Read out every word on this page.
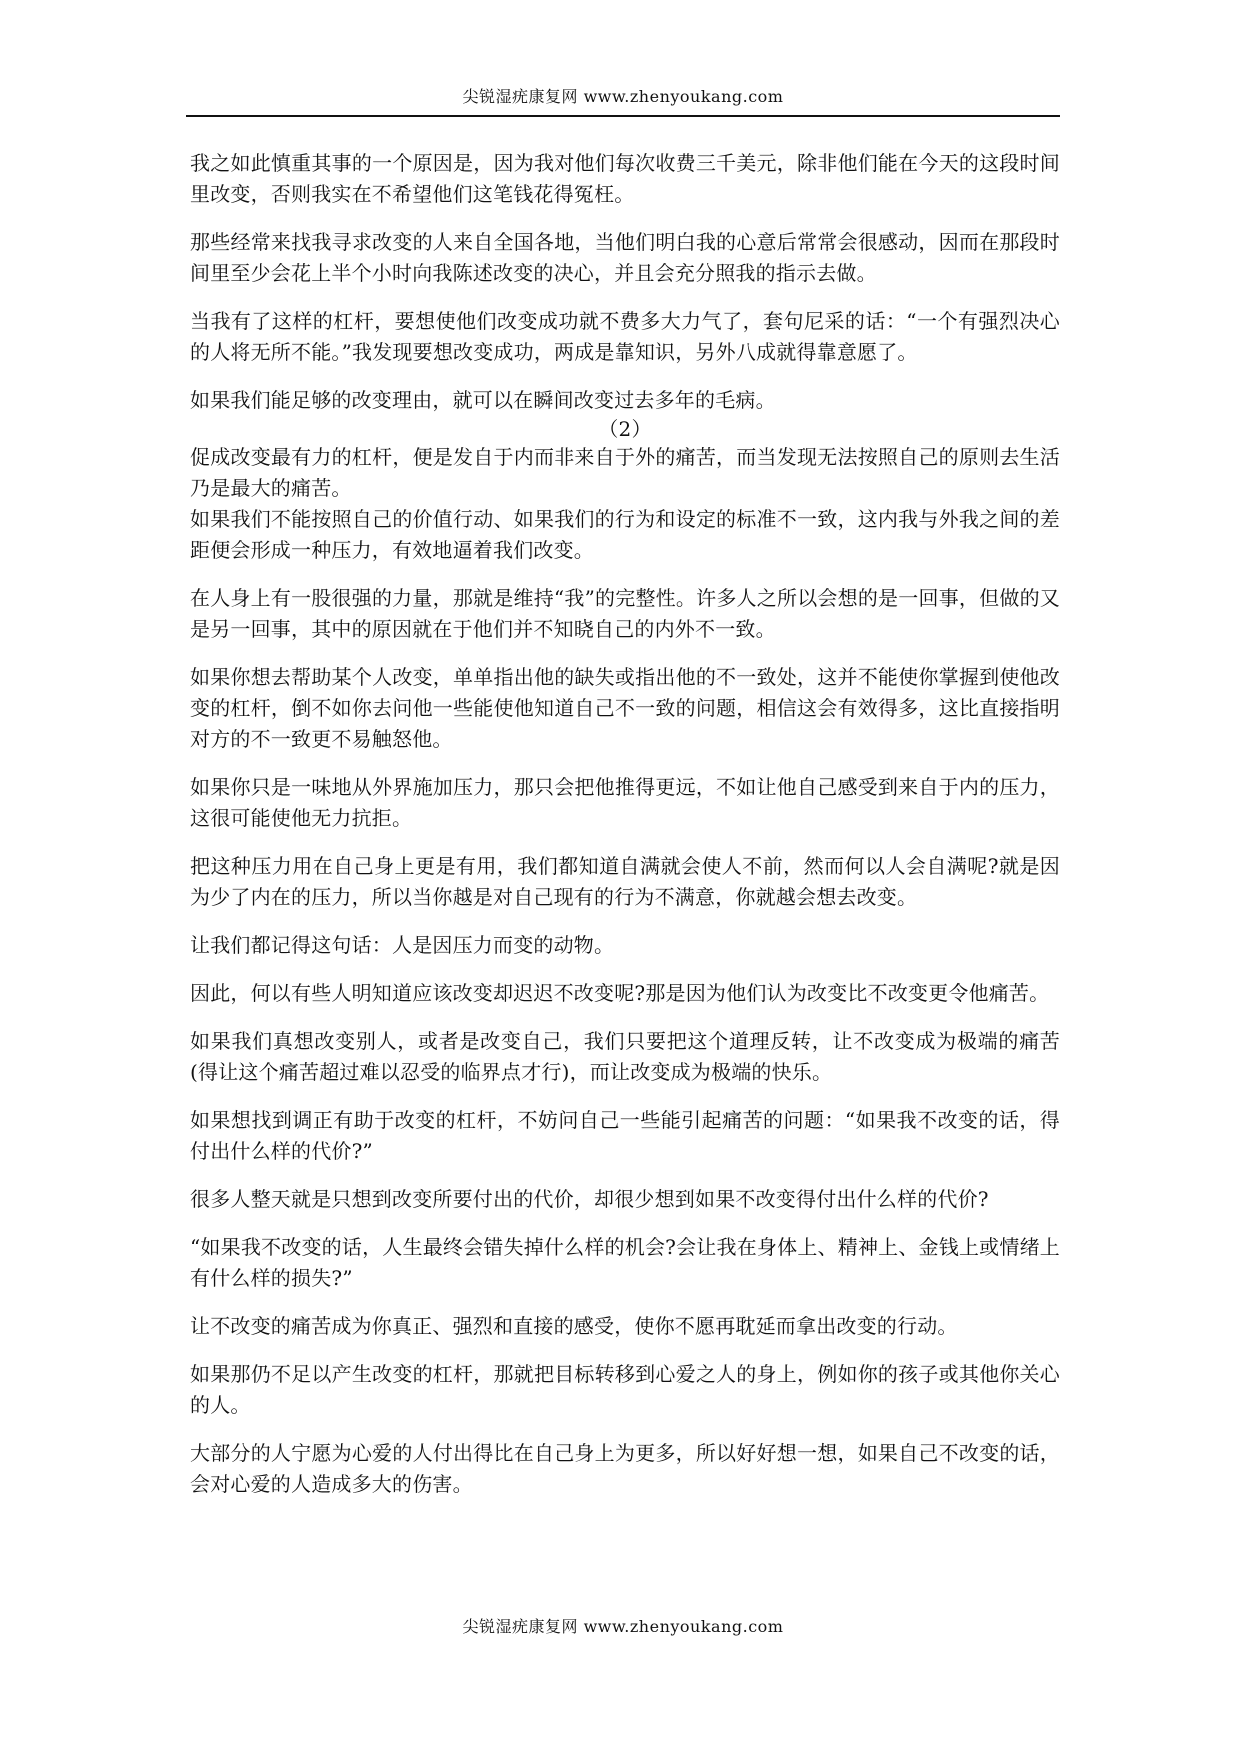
尖锐湿疣康复网 www.zhenyoukang.com

我之如此慎重其事的一个原因是，因为我对他们每次收费三千美元，除非他们能在今天的这段时间里改变，否则我实在不希望他们这笔钱花得冤枉。

那些经常来找我寻求改变的人来自全国各地，当他们明白我的心意后常常会很感动，因而在那段时间里至少会花上半个小时向我陈述改变的决心，并且会充分照我的指示去做。

当我有了这样的杠杆，要想使他们改变成功就不费多大力气了，套句尼采的话：“一个有强烈决心的人将无所不能。”我发现要想改变成功，两成是靠知识，另外八成就得靠意愿了。

如果我们能足够的改变理由，就可以在瞬间改变过去多年的毛病。

（2）

促成改变最有力的杠杆，便是发自于内而非来自于外的痛苦，而当发现无法按照自己的原则去生活乃是最大的痛苦。

如果我们不能按照自己的价值行动、如果我们的行为和设定的标准不一致，这内我与外我之间的差距便会形成一种压力，有效地逼着我们改变。

在人身上有一股很强的力量，那就是维持“我”的完整性。许多人之所以会想的是一回事，但做的又是另一回事，其中的原因就在于他们并不知晓自己的内外不一致。

如果你想去帮助某个人改变，单单指出他的缺失或指出他的不一致处，这并不能使你掌握到使他改变的杠杆，倒不如你去问他一些能使他知道自己不一致的问题，相信这会有效得多，这比直接指明对方的不一致更不易触怒他。

如果你只是一味地从外界施加压力，那只会把他推得更远，不如让他自己感受到来自于内的压力，这很可能使他无力抗拒。

把这种压力用在自己身上更是有用，我们都知道自满就会使人不前，然而何以人会自满呢?就是因为少了内在的压力，所以当你越是对自己现有的行为不满意，你就越会想去改变。

让我们都记得这句话：人是因压力而变的动物。

因此，何以有些人明知道应该改变却迟迟不改变呢?那是因为他们认为改变比不改变更令他痛苦。

如果我们真想改变别人，或者是改变自己，我们只要把这个道理反转，让不改变成为极端的痛苦(得让这个痛苦超过难以忍受的临界点才行)，而让改变成为极端的快乐。

如果想找到调正有助于改变的杠杆，不妨问自己一些能引起痛苦的问题：“如果我不改变的话，得付出什么样的代价?”

很多人整天就是只想到改变所要付出的代价，却很少想到如果不改变得付出什么样的代价?

“如果我不改变的话，人生最终会错失掉什么样的机会?会让我在身体上、精神上、金钱上或情绪上有什么样的损失?”

让不改变的痛苦成为你真正、强烈和直接的感受，使你不愿再耽延而拿出改变的行动。

如果那仍不足以产生改变的杠杆，那就把目标转移到心爱之人的身上，例如你的孩子或其他你关心的人。

大部分的人宁愿为心爱的人付出得比在自己身上为更多，所以好好想一想，如果自己不改变的话，会对心爱的人造成多大的伤害。

尖锐湿疣康复网 www.zhenyoukang.com
